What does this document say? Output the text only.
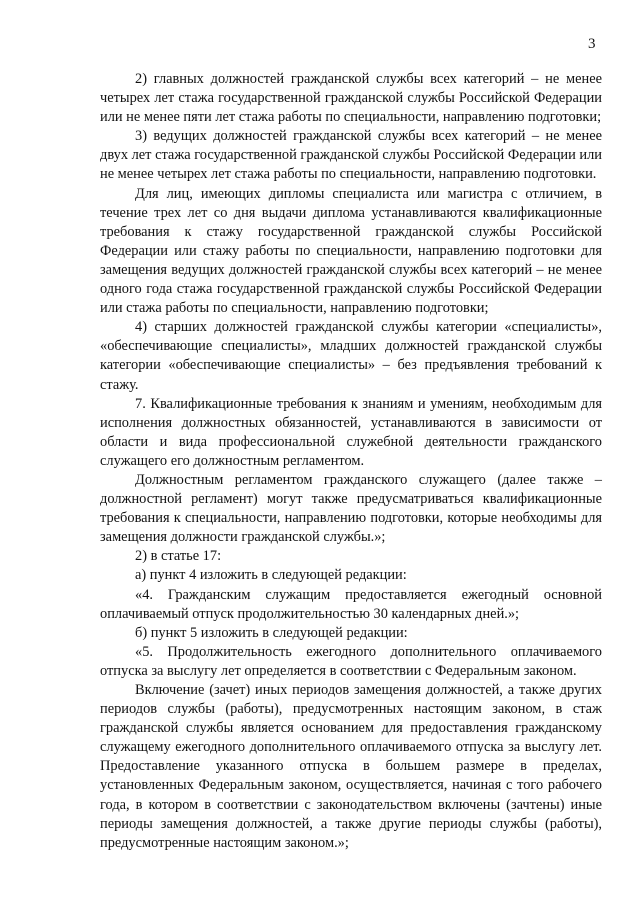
3

2) главных должностей гражданской службы всех категорий – не менее четырех лет стажа государственной гражданской службы Российской Федерации или не менее пяти лет стажа работы по специальности, направлению подготовки;

3) ведущих должностей гражданской службы всех категорий – не менее двух лет стажа государственной гражданской службы Российской Федерации или не менее четырех лет стажа работы по специальности, направлению подготовки.

Для лиц, имеющих дипломы специалиста или магистра с отличием, в течение трех лет со дня выдачи диплома устанавливаются квалификационные требования к стажу государственной гражданской службы Российской Федерации или стажу работы по специальности, направлению подготовки для замещения ведущих должностей гражданской службы всех категорий – не менее одного года стажа государственной гражданской службы Российской Федерации или стажа работы по специальности, направлению подготовки;

4) старших должностей гражданской службы категории «специалисты», «обеспечивающие специалисты», младших должностей гражданской службы категории «обеспечивающие специалисты» – без предъявления требований к стажу.

7. Квалификационные требования к знаниям и умениям, необходимым для исполнения должностных обязанностей, устанавливаются в зависимости от области и вида профессиональной служебной деятельности гражданского служащего его должностным регламентом.

Должностным регламентом гражданского служащего (далее также – должностной регламент) могут также предусматриваться квалификационные требования к специальности, направлению подготовки, которые необходимы для замещения должности гражданской службы.»;

2) в статье 17:

а) пункт 4 изложить в следующей редакции:

«4. Гражданским служащим предоставляется ежегодный основной оплачиваемый отпуск продолжительностью 30 календарных дней.»;

б) пункт 5 изложить в следующей редакции:

«5. Продолжительность ежегодного дополнительного оплачиваемого отпуска за выслугу лет определяется в соответствии с Федеральным законом.

Включение (зачет) иных периодов замещения должностей, а также других периодов службы (работы), предусмотренных настоящим законом, в стаж гражданской службы является основанием для предоставления гражданскому служащему ежегодного дополнительного оплачиваемого отпуска за выслугу лет. Предоставление указанного отпуска в большем размере в пределах, установленных Федеральным законом, осуществляется, начиная с того рабочего года, в котором в соответствии с законодательством включены (зачтены) иные периоды замещения должностей, а также другие периоды службы (работы), предусмотренные настоящим законом.»;
